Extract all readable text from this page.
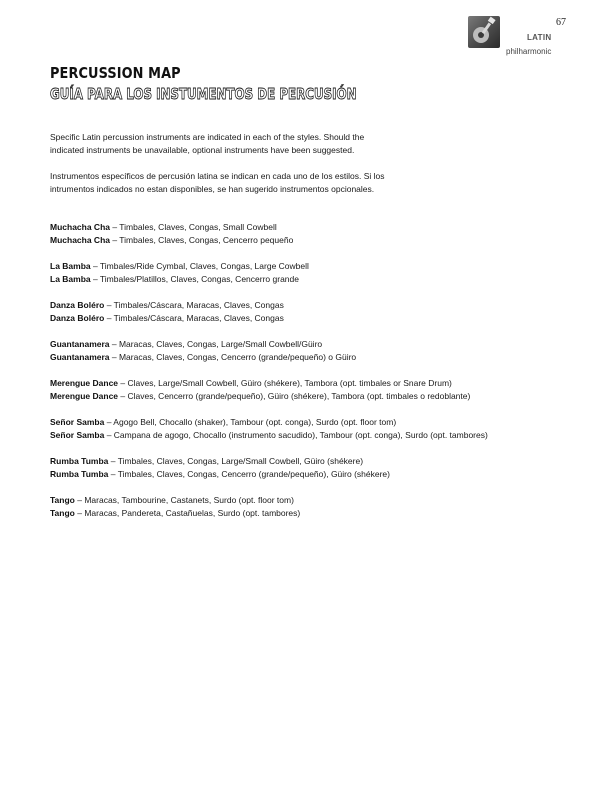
LATIN
philharmonic
67
PERCUSSION MAP
GUÍA PARA LOS INSTUMENTOS DE PERCUSIÓN

Specific Latin percussion instruments are indicated in each of the styles. Should the
indicated instruments be unavailable, optional instruments have been suggested.

Instrumentos específicos de percusión latina se indican en cada uno de los estilos. Si los
intrumentos indicados no estan disponibles, se han sugerido instrumentos opcionales.

Muchacha Cha – Timbales, Claves, Congas, Small Cowbell
Muchacha Cha – Timbales, Claves, Congas, Cencerro pequeño
La Bamba – Timbales/Ride Cymbal, Claves, Congas, Large Cowbell
La Bamba – Timbales/Platillos, Claves, Congas, Cencerro grande
Danza Boléro – Timbales/Cáscara, Maracas, Claves, Congas
Danza Boléro – Timbales/Cáscara, Maracas, Claves, Congas
Guantanamera – Maracas, Claves, Congas, Large/Small Cowbell/Güiro
Guantanamera – Maracas, Claves, Congas, Cencerro (grande/pequeño) o Güiro
Merengue Dance – Claves, Large/Small Cowbell, Güiro (shékere), Tambora (opt. timbales or Snare Drum)
Merengue Dance – Claves, Cencerro (grande/pequeño), Güiro (shékere), Tambora (opt. timbales o redoblante)
Señor Samba – Agogo Bell, Chocallo (shaker), Tambour (opt. conga), Surdo (opt. floor tom)
Señor Samba – Campana de agogo, Chocallo (instrumento sacudido), Tambour (opt. conga), Surdo (opt. tambores)
Rumba Tumba – Timbales, Claves, Congas, Large/Small Cowbell, Güiro (shékere)
Rumba Tumba – Timbales, Claves, Congas, Cencerro (grande/pequeño), Güiro (shékere)
Tango – Maracas, Tambourine, Castanets, Surdo (opt. floor tom)
Tango – Maracas, Pandereta, Castañuelas, Surdo (opt. tambores)
